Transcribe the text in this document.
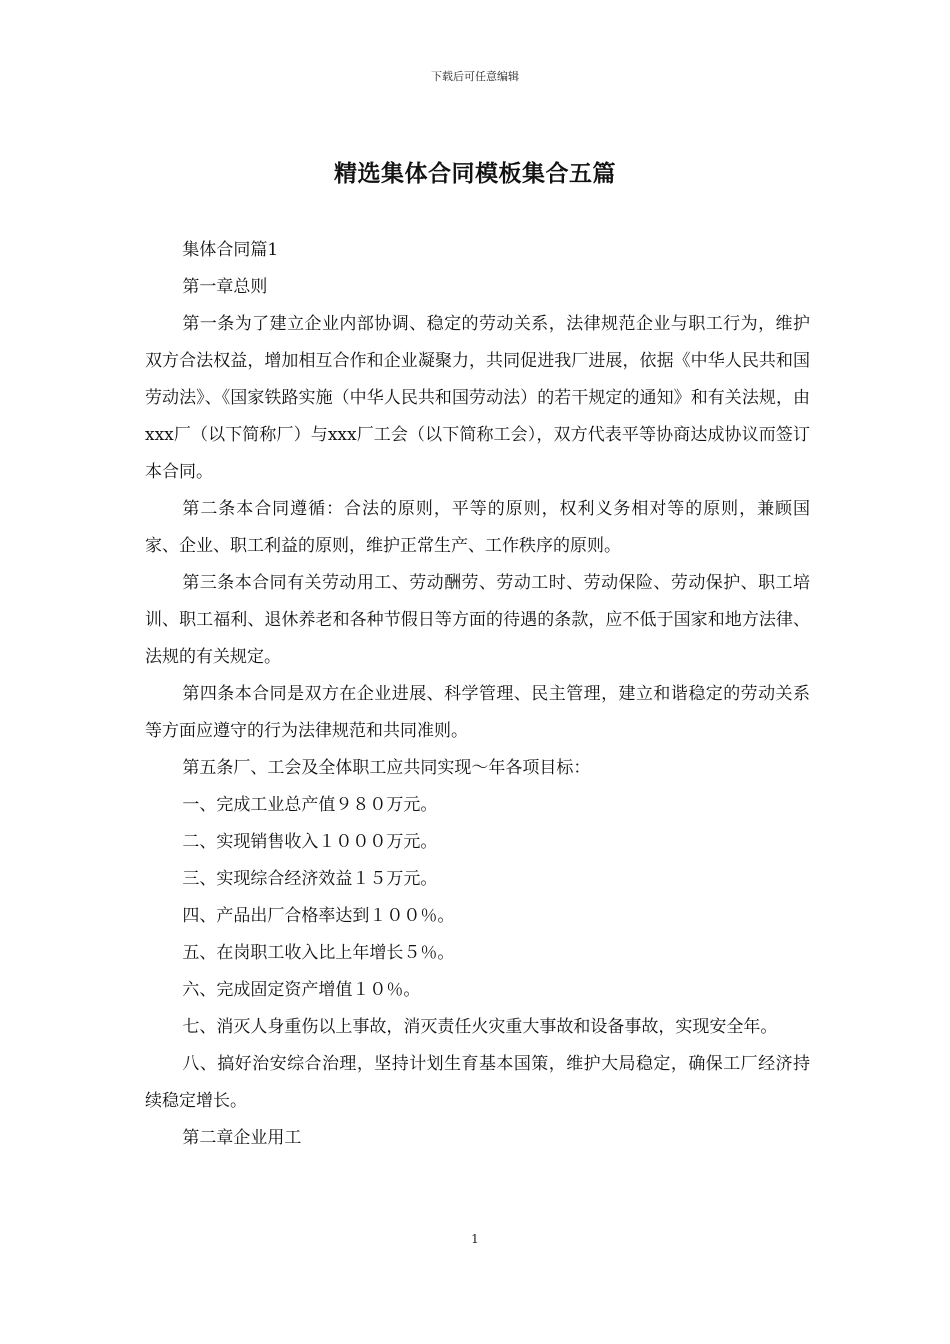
下载后可任意编辑
精选集体合同模板集合五篇

集体合同篇1

第一章总则

第一条为了建立企业内部协调、稳定的劳动关系，法律规范企业与职工行为，维护双方合法权益，增加相互合作和企业凝聚力，共同促进我厂进展，依据《中华人民共和国劳动法》、《国家铁路实施（中华人民共和国劳动法）的若干规定的通知》和有关法规，由xxx厂（以下简称厂）与xxx厂工会（以下简称工会），双方代表平等协商达成协议而签订本合同。

第二条本合同遵循：合法的原则，平等的原则，权利义务相对等的原则，兼顾国家、企业、职工利益的原则，维护正常生产、工作秩序的原则。

第三条本合同有关劳动用工、劳动酬劳、劳动工时、劳动保险、劳动保护、职工培训、职工福利、退休养老和各种节假日等方面的待遇的条款，应不低于国家和地方法律、法规的有关规定。

第四条本合同是双方在企业进展、科学管理、民主管理，建立和谐稳定的劳动关系等方面应遵守的行为法律规范和共同准则。

第五条厂、工会及全体职工应共同实现～年各项目标：

一、完成工业总产值９８０万元。

二、实现销售收入１０００万元。

三、实现综合经济效益１５万元。

四、产品出厂合格率达到１００％。

五、在岗职工收入比上年增长５％。

六、完成固定资产增值１０％。

七、消灭人身重伤以上事故，消灭责任火灾重大事故和设备事故，实现安全年。

八、搞好治安综合治理，坚持计划生育基本国策，维护大局稳定，确保工厂经济持续稳定增长。

第二章企业用工

1
